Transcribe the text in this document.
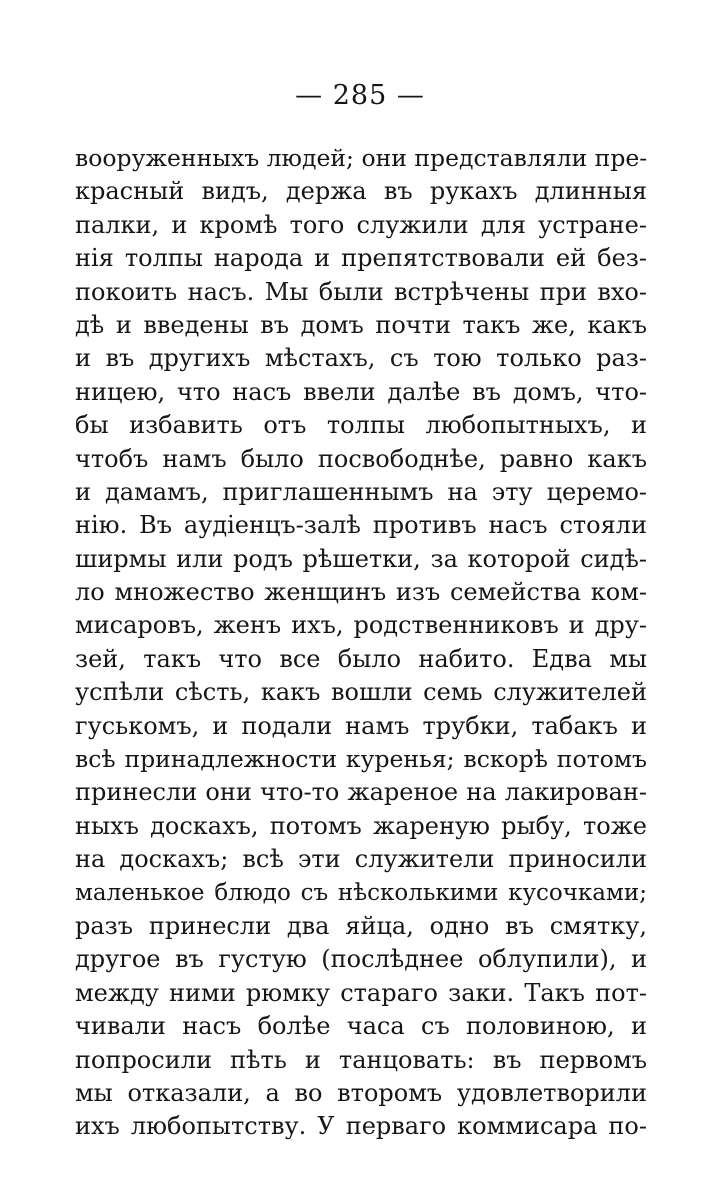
— 285 —
вооруженныхъ людей; они представляли пре-
красный видъ, держа въ рукахъ длинныя
палки, и кромѣ того служили для устране-
нія толпы народа и препятствовали ей без-
покоить насъ. Мы были встрѣчены при вхо-
дѣ и введены въ домъ почти такъ же, какъ
и въ другихъ мѣстахъ, съ тою только раз-
ницею, что насъ ввели далѣе въ домъ, что-
бы избавить отъ толпы любопытныхъ, и
чтобъ намъ было посвободнѣе, равно какъ
и дамамъ, приглашеннымъ на эту церемо-
нію. Въ аудіенцъ-залѣ противъ насъ стояли
ширмы или родъ рѣшетки, за которой сидѣ-
ло множество женщинъ изъ семейства ком-
мисаровъ, женъ ихъ, родственниковъ и дру-
зей, такъ что все было набито. Едва мы
успѣли сѣсть, какъ вошли семь служителей
гуськомъ, и подали намъ трубки, табакъ и
всѣ принадлежности куренья; вскорѣ потомъ
принесли они что-то жареное на лакирован-
ныхъ доскахъ, потомъ жареную рыбу, тоже
на доскахъ; всѣ эти служители приносили
маленькое блюдо съ нѣсколькими кусочками;
разъ принесли два яйца, одно въ смятку,
другое въ густую (послѣднее облупили), и
между ними рюмку стараго заки. Такъ пот-
чивали насъ болѣе часа съ половиною, и
попросили пѣть и танцовать: въ первомъ
мы отказали, а во второмъ удовлетворили
ихъ любопытству. У перваго коммисара по-
